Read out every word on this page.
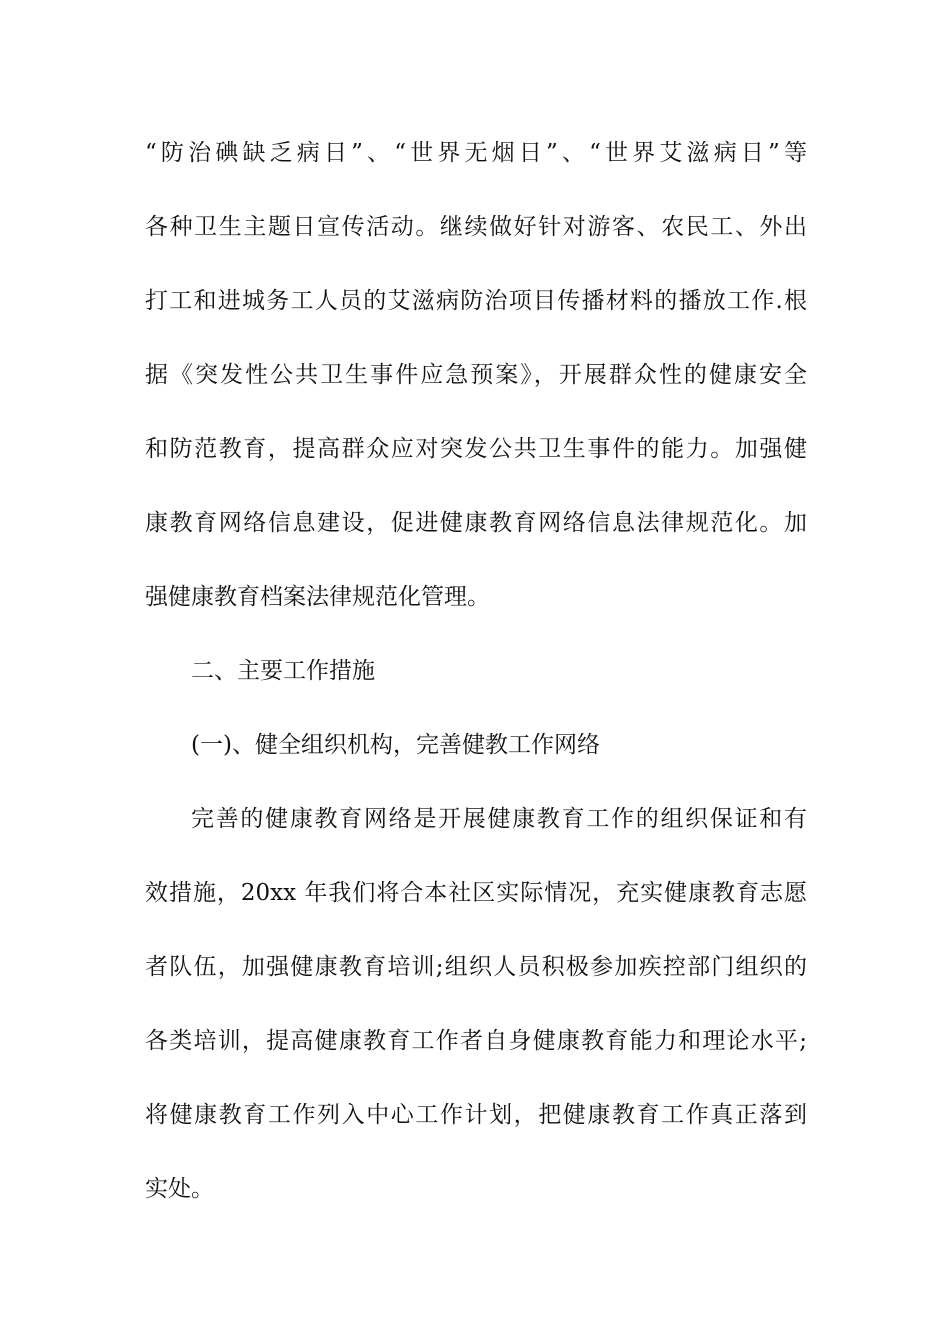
“防治碘缺乏病日”、“世界无烟日”、“世界艾滋病日”等
各种卫生主题日宣传活动。继续做好针对游客、农民工、外出
打工和进城务工人员的艾滋病防治项目传播材料的播放工作.根
据《突发性公共卫生事件应急预案》，开展群众性的健康安全
和防范教育，提高群众应对突发公共卫生事件的能力。加强健
康教育网络信息建设，促进健康教育网络信息法律规范化。加
强健康教育档案法律规范化管理。
二、主要工作措施
(一)、健全组织机构，完善健教工作网络
完善的健康教育网络是开展健康教育工作的组织保证和有
效措施，20xx 年我们将合本社区实际情况，充实健康教育志愿
者队伍，加强健康教育培训;组织人员积极参加疾控部门组织的
各类培训，提高健康教育工作者自身健康教育能力和理论水平;
将健康教育工作列入中心工作计划，把健康教育工作真正落到
实处。
